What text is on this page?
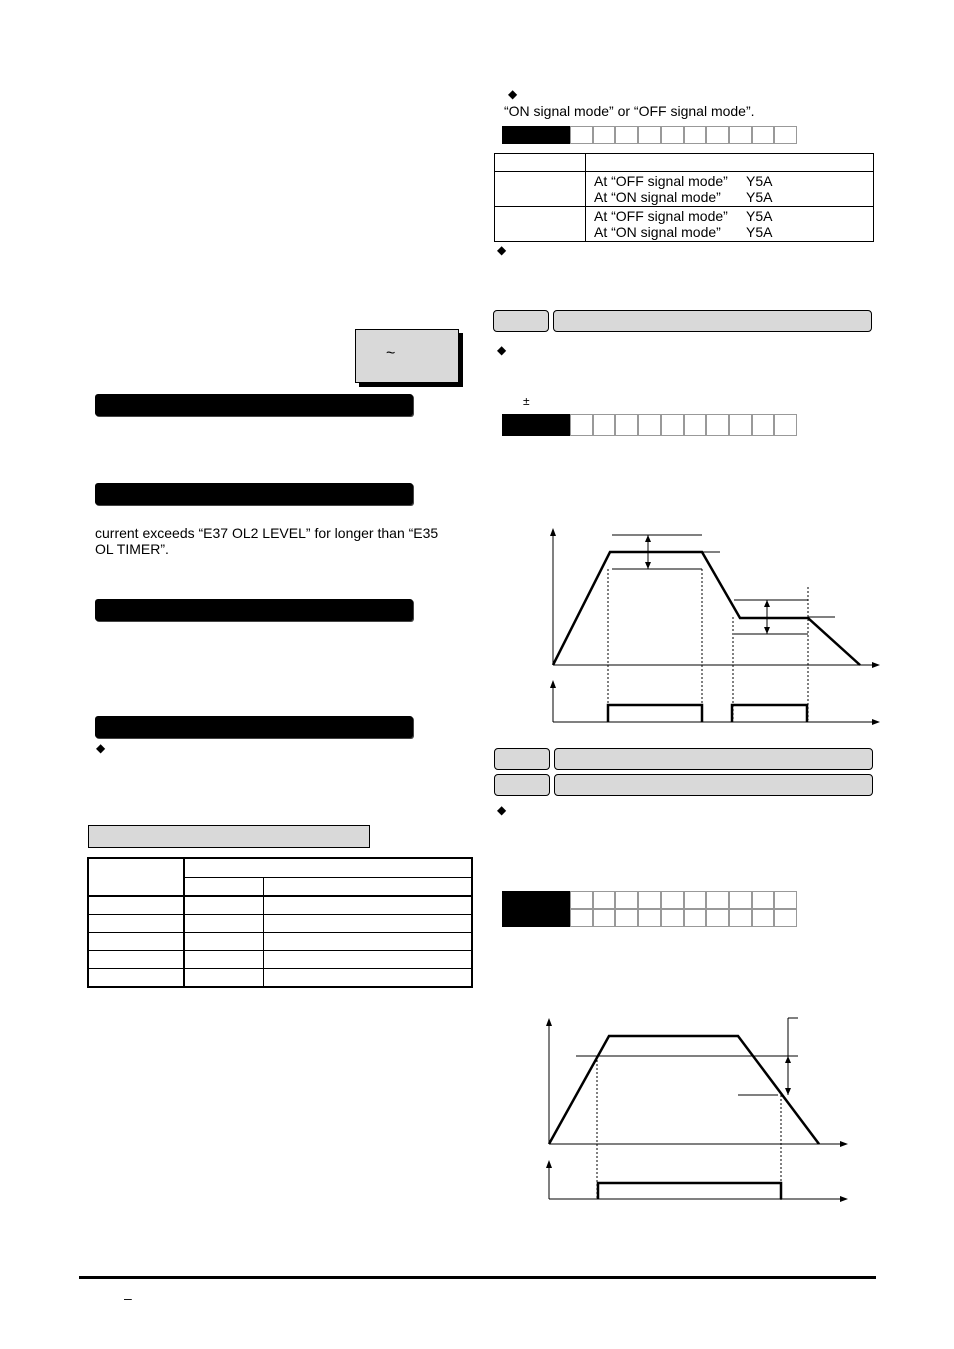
◆
“ON signal mode” or “OFF signal mode”.

	At “OFF signal mode” Y5A
At “ON signal mode” Y5A
	At “OFF signal mode” Y5A
At “ON signal mode” Y5A
◆
◆
±
◆
~
current exceeds “E37 OL2 LEVEL” for longer than “E35 OL TIMER”.
◆

–
